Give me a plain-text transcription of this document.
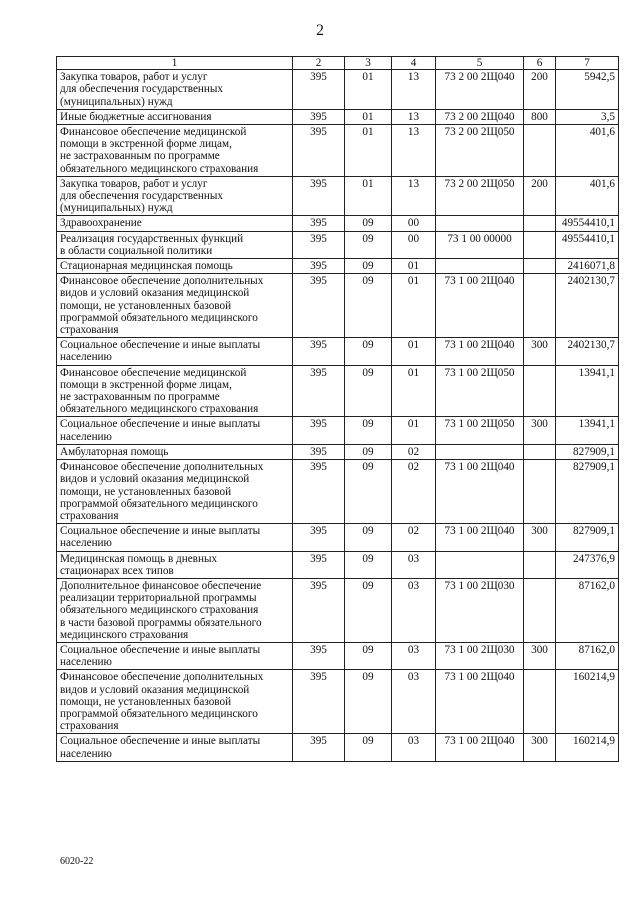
2
1	2	3	4	5	6	7
Закупка товаров, работ и услуг
для обеспечения государственных
(муниципальных) нужд	395	01	13	73 2 00 2Щ040	200	5942,5
Иные бюджетные ассигнования	395	01	13	73 2 00 2Щ040	800	3,5
Финансовое обеспечение медицинской
помощи в экстренной форме лицам,
не застрахованным по программе
обязательного медицинского страхования	395	01	13	73 2 00 2Щ050		401,6
Закупка товаров, работ и услуг
для обеспечения государственных
(муниципальных) нужд	395	01	13	73 2 00 2Щ050	200	401,6
Здравоохранение	395	09	00			49554410,1
Реализация государственных функций
в области социальной политики	395	09	00	73 1 00 00000		49554410,1
Стационарная медицинская помощь	395	09	01			2416071,8
Финансовое обеспечение дополнительных
видов и условий оказания медицинской
помощи, не установленных базовой
программой обязательного медицинского
страхования	395	09	01	73 1 00 2Щ040		2402130,7
Социальное обеспечение и иные выплаты
населению	395	09	01	73 1 00 2Щ040	300	2402130,7
Финансовое обеспечение медицинской
помощи в экстренной форме лицам,
не застрахованным по программе
обязательного медицинского страхования	395	09	01	73 1 00 2Щ050		13941,1
Социальное обеспечение и иные выплаты
населению	395	09	01	73 1 00 2Щ050	300	13941,1
Амбулаторная помощь	395	09	02			827909,1
Финансовое обеспечение дополнительных
видов и условий оказания медицинской
помощи, не установленных базовой
программой обязательного медицинского
страхования	395	09	02	73 1 00 2Щ040		827909,1
Социальное обеспечение и иные выплаты
населению	395	09	02	73 1 00 2Щ040	300	827909,1
Медицинская помощь в дневных
стационарах всех типов	395	09	03			247376,9
Дополнительное финансовое обеспечение
реализации территориальной программы
обязательного медицинского страхования
в части базовой программы обязательного
медицинского страхования	395	09	03	73 1 00 2Щ030		87162,0
Социальное обеспечение и иные выплаты
населению	395	09	03	73 1 00 2Щ030	300	87162,0
Финансовое обеспечение дополнительных
видов и условий оказания медицинской
помощи, не установленных базовой
программой обязательного медицинского
страхования	395	09	03	73 1 00 2Щ040		160214,9
Социальное обеспечение и иные выплаты
населению	395	09	03	73 1 00 2Щ040	300	160214,9
6020-22
